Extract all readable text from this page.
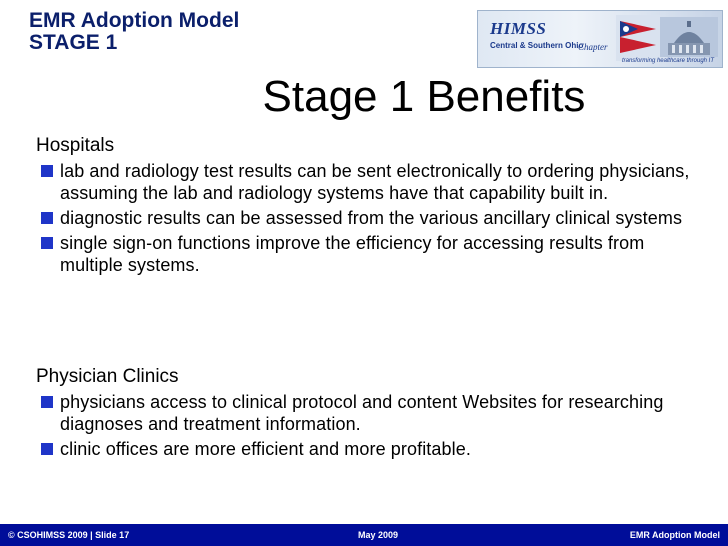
EMR Adoption Model
STAGE 1
HIMSS
Central & Southern Ohio
Chapter
transforming healthcare through IT
Stage 1 Benefits
Hospitals
lab and radiology test results can be sent electronically to ordering physicians, assuming the lab and radiology systems have that capability built in.
diagnostic results can be assessed from the various ancillary clinical systems
single sign-on functions improve the efficiency for accessing results from multiple systems.
Physician Clinics
physicians access to clinical protocol and content Websites for researching diagnoses and treatment information.
clinic offices are more efficient and more profitable.
© CSOHIMSS 2009 | Slide 17	May 2009	EMR Adoption Model
